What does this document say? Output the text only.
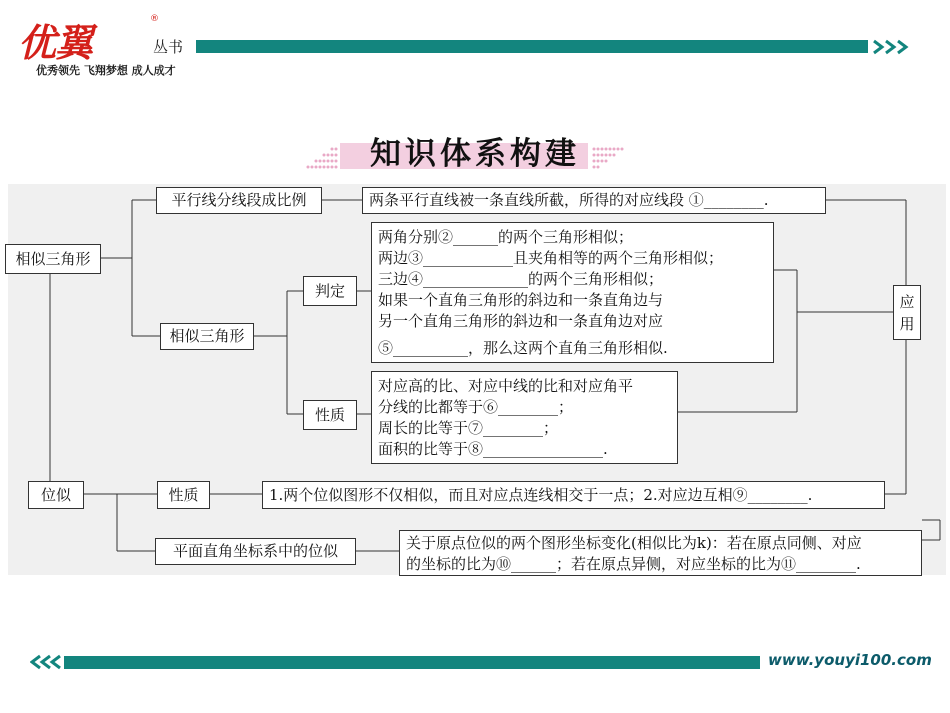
优翼
®
丛书
优秀领先 飞翔梦想 成人成才
知识体系构建
相似三角形
平行线分线段成比例	两条平行直线被一条直线所截，所得的对应线段 ①________.
相似三角形
判定
两角分别②______的两个三角形相似；
两边③____________且夹角相等的两个三角形相似；
三边④______________的两个三角形相似；
如果一个直角三角形的斜边和一条直角边与
另一个直角三角形的斜边和一条直角边对应
⑤__________，那么这两个直角三角形相似.
性质
对应高的比、对应中线的比和对应角平
分线的比都等于⑥________；
周长的比等于⑦________；
面积的比等于⑧________________.
应用
位似	性质	1.两个位似图形不仅相似，而且对应点连线相交于一点；2.对应边互相⑨________.
平面直角坐标系中的位似	关于原点位似的两个图形坐标变化(相似比为k)：若在原点同侧、对应
的坐标的比为⑩______；若在原点异侧，对应坐标的比为⑪________.
www.youyi100.com
